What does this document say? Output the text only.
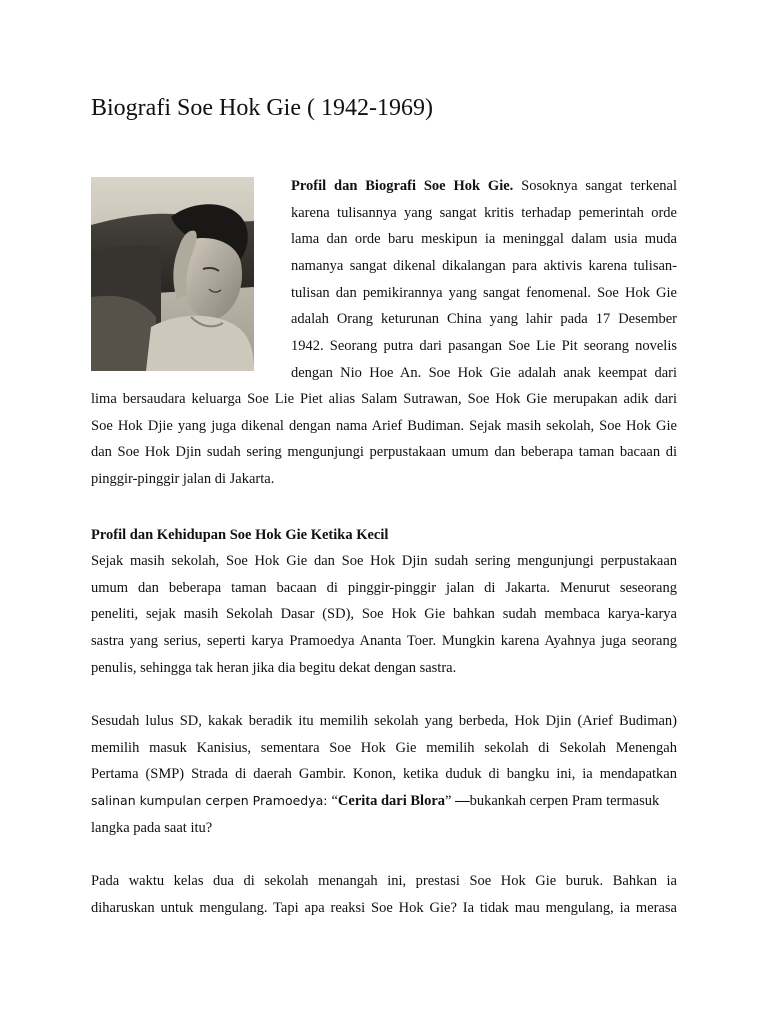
Biografi Soe Hok Gie ( 1942-1969)
Profil dan Biografi Soe Hok Gie. Sosoknya sangat terkenal
karena tulisannya yang sangat kritis terhadap pemerintah orde
lama dan orde baru meskipun ia meninggal dalam usia muda
namanya sangat dikenal dikalangan para aktivis karena tulisan-
tulisan dan pemikirannya yang sangat fenomenal. Soe Hok Gie
adalah Orang keturunan China yang lahir pada 17 Desember
1942. Seorang putra dari pasangan Soe Lie Pit seorang novelis
dengan Nio Hoe An. Soe Hok Gie adalah anak keempat dari
lima bersaudara keluarga Soe Lie Piet alias Salam Sutrawan, Soe Hok Gie merupakan adik dari
Soe Hok Djie yang juga dikenal dengan nama Arief Budiman. Sejak masih sekolah, Soe Hok Gie
dan Soe Hok Djin sudah sering mengunjungi perpustakaan umum dan beberapa taman bacaan di
pinggir-pinggir jalan di Jakarta.
Profil dan Kehidupan Soe Hok Gie Ketika Kecil
Sejak masih sekolah, Soe Hok Gie dan Soe Hok Djin sudah sering mengunjungi perpustakaan
umum dan beberapa taman bacaan di pinggir-pinggir jalan di Jakarta. Menurut seseorang
peneliti, sejak masih Sekolah Dasar (SD), Soe Hok Gie bahkan sudah membaca karya-karya
sastra yang serius, seperti karya Pramoedya Ananta Toer. Mungkin karena Ayahnya juga seorang
penulis, sehingga tak heran jika dia begitu dekat dengan sastra.
Sesudah lulus SD, kakak beradik itu memilih sekolah yang berbeda, Hok Djin (Arief Budiman)
memilih masuk Kanisius, sementara Soe Hok Gie memilih sekolah di Sekolah Menengah
Pertama (SMP) Strada di daerah Gambir. Konon, ketika duduk di bangku ini, ia mendapatkan
salinan kumpulan cerpen Pramoedya: “Cerita dari Blora” —bukankah cerpen Pram termasuk
langka pada saat itu?
Pada waktu kelas dua di sekolah menangah ini, prestasi Soe Hok Gie buruk. Bahkan ia
diharuskan untuk mengulang. Tapi apa reaksi Soe Hok Gie? Ia tidak mau mengulang, ia merasa
